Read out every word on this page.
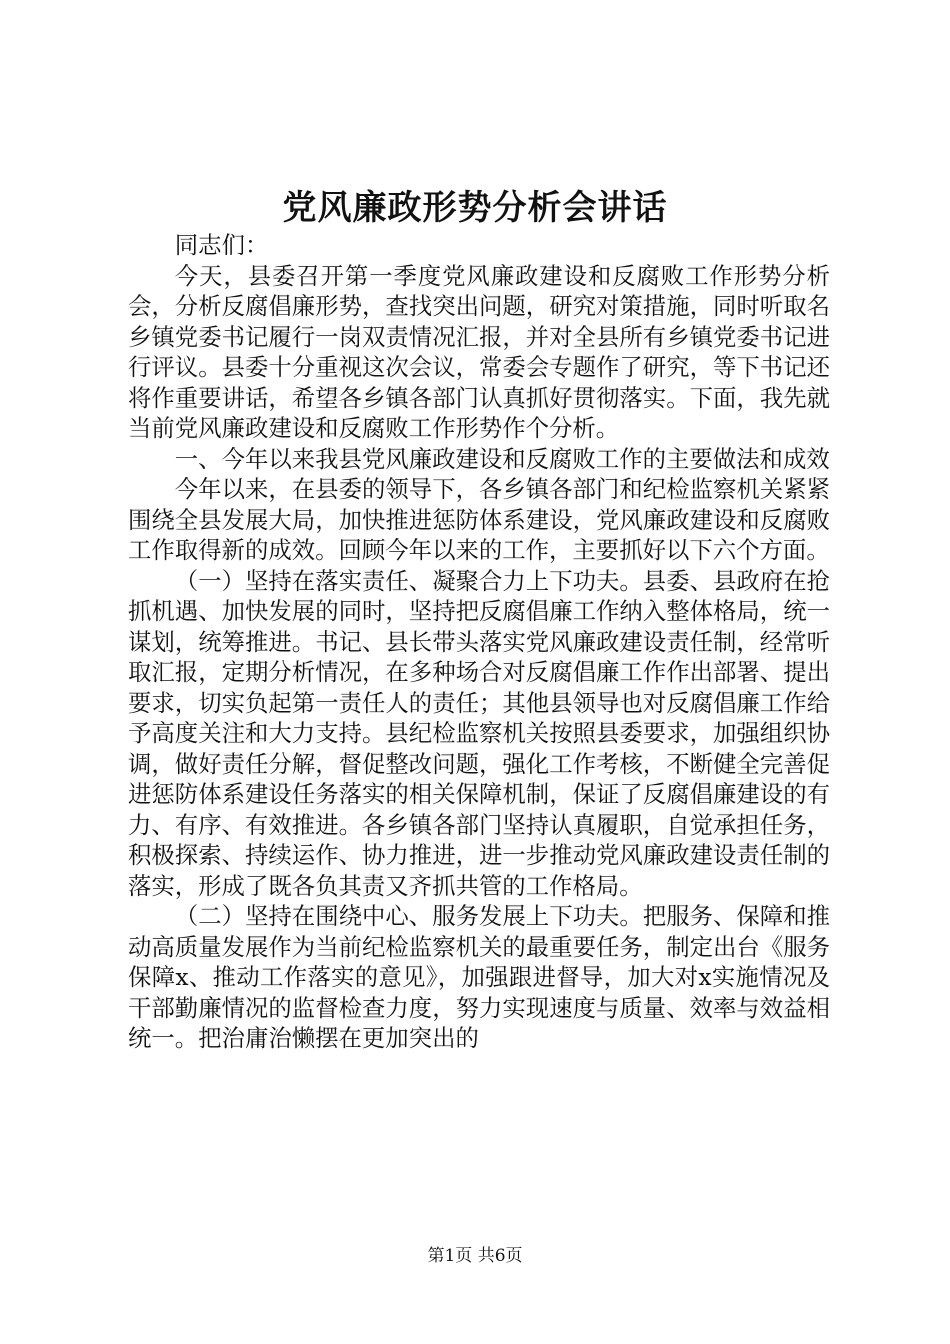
党风廉政形势分析会讲话

同志们：

今天，县委召开第一季度党风廉政建设和反腐败工作形势分析会，分析反腐倡廉形势，查找突出问题，研究对策措施，同时听取名乡镇党委书记履行一岗双责情况汇报，并对全县所有乡镇党委书记进行评议。县委十分重视这次会议，常委会专题作了研究，等下书记还将作重要讲话，希望各乡镇各部门认真抓好贯彻落实。下面，我先就当前党风廉政建设和反腐败工作形势作个分析。

一、今年以来我县党风廉政建设和反腐败工作的主要做法和成效

今年以来，在县委的领导下，各乡镇各部门和纪检监察机关紧紧围绕全县发展大局，加快推进惩防体系建设，党风廉政建设和反腐败工作取得新的成效。回顾今年以来的工作，主要抓好以下六个方面。

（一）坚持在落实责任、凝聚合力上下功夫。县委、县政府在抢抓机遇、加快发展的同时，坚持把反腐倡廉工作纳入整体格局，统一谋划，统筹推进。书记、县长带头落实党风廉政建设责任制，经常听取汇报，定期分析情况，在多种场合对反腐倡廉工作作出部署、提出要求，切实负起第一责任人的责任；其他县领导也对反腐倡廉工作给予高度关注和大力支持。县纪检监察机关按照县委要求，加强组织协调，做好责任分解，督促整改问题，强化工作考核，不断健全完善促进惩防体系建设任务落实的相关保障机制，保证了反腐倡廉建设的有力、有序、有效推进。各乡镇各部门坚持认真履职，自觉承担任务，积极探索、持续运作、协力推进，进一步推动党风廉政建设责任制的落实，形成了既各负其责又齐抓共管的工作格局。

（二）坚持在围绕中心、服务发展上下功夫。把服务、保障和推动高质量发展作为当前纪检监察机关的最重要任务，制定出台《服务保障x、推动工作落实的意见》，加强跟进督导，加大对x实施情况及干部勤廉情况的监督检查力度，努力实现速度与质量、效率与效益相统一。把治庸治懒摆在更加突出的

第1页 共6页
